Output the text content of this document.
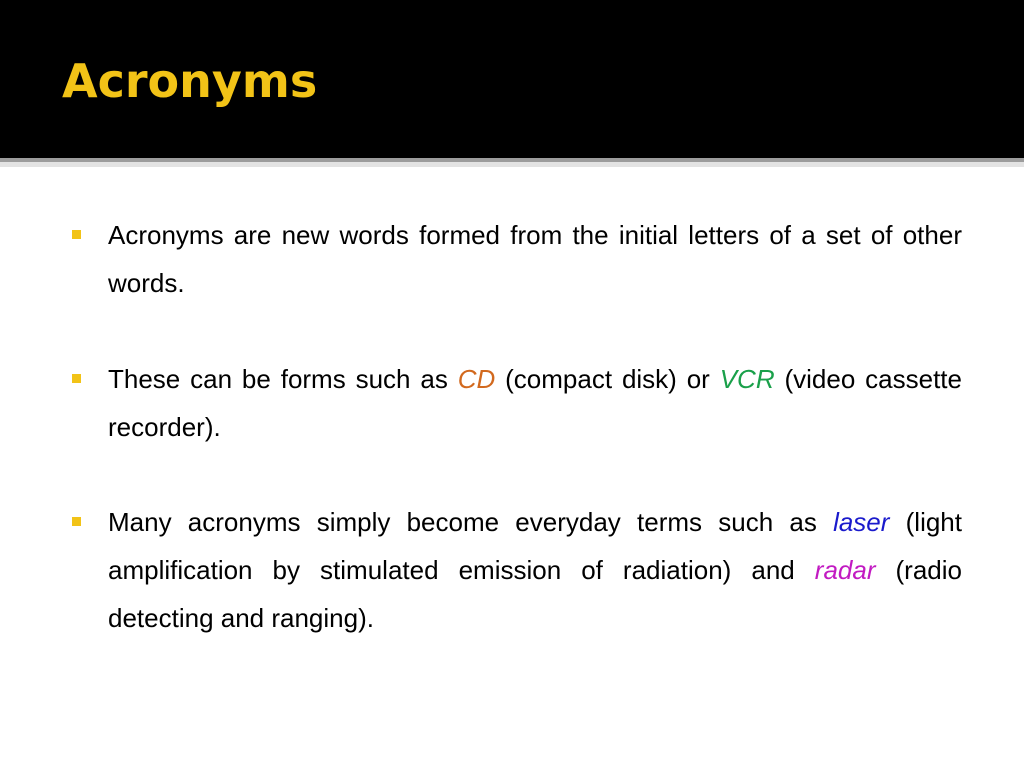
Acronyms
Acronyms are new words formed from the initial letters of a set of other words.
These can be forms such as CD (compact disk) or VCR (video cassette recorder).
Many acronyms simply become everyday terms such as laser (light amplification by stimulated emission of radiation) and radar (radio detecting and ranging).
